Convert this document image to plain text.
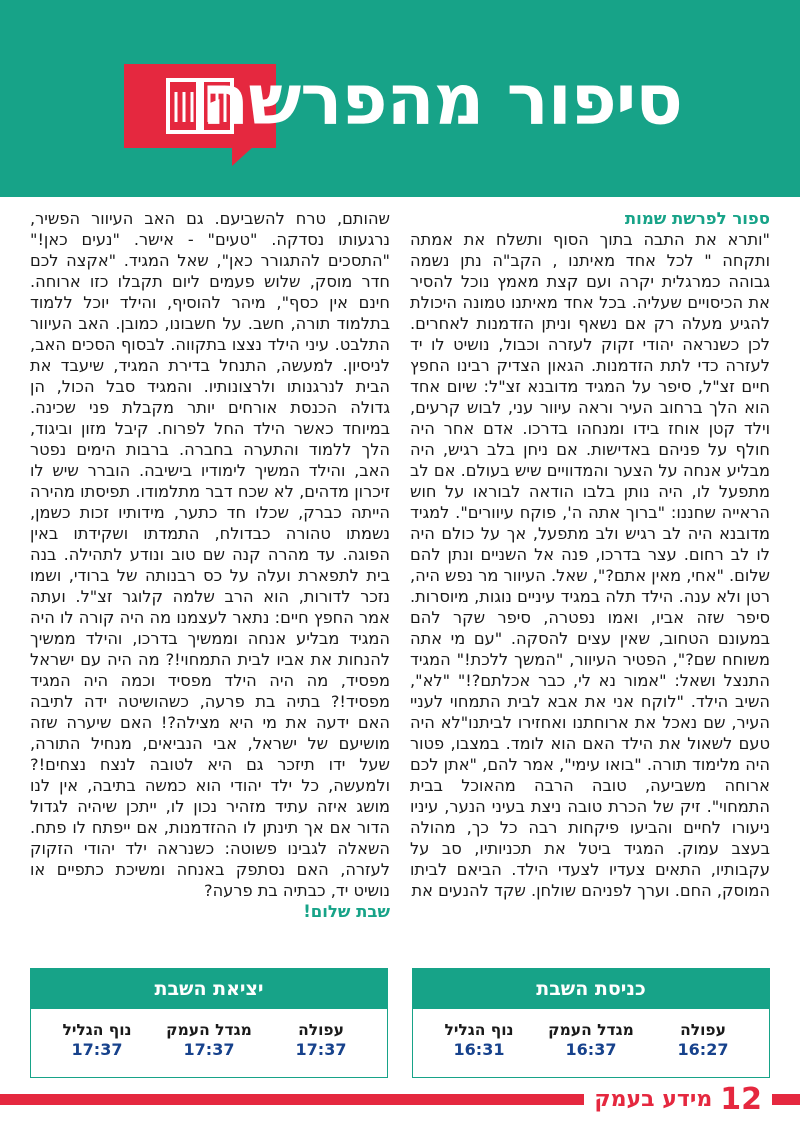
סיפור מהפרשה
ספור לפרשת שמות
"ותרא את התבה בתוך הסוף ותשלח את אמתה ותקחה " לכל אחד מאיתנו , הקב"ה נתן נשמה גבוהה כמרגלית יקרה ועם קצת מאמץ נוכל להסיר את הכיסויים שעליה. בכל אחד מאיתנו טמונה היכולת להגיע מעלה רק אם נשאף וניתן הזדמנות לאחרים. לכן כשנראה יהודי זקוק לעזרה וכבול, נושיט לו יד לעזרה כדי לתת הזדמנות. הגאון הצדיק רבינו החפץ חיים זצ"ל, סיפר על המגיד מדובנא זצ"ל: שיום אחד הוא הלך ברחוב העיר וראה עיוור עני, לבוש קרעים, וילד קטן אוחז בידו ומנחהו בדרכו. אדם אחר היה חולף על פניהם באדישות. אם ניחן בלב רגיש, היה מבליע אנחה על הצער והמדוויים שיש בעולם. אם לב מתפעל לו, היה נותן בלבו הודאה לבוראו על חוש הראייה שחננו: "ברוך אתה ה', פוקח עיוורים". למגיד מדובנא היה לב רגיש ולב מתפעל, אך על כולם היה לו לב רחום. עצר בדרכו, פנה אל השניים ונתן להם שלום. "אחי, מאין אתם?", שאל. העיוור מר נפש היה, רטן ולא ענה. הילד תלה במגיד עיניים נוגות, מיוסרות. סיפר שזה אביו, ואמו נפטרה, סיפר שקר להם במעונם הטחוב, שאין עצים להסקה. "עם מי אתה משוחח שם?", הפטיר העיוור, "המשך ללכת!" המגיד התנצל ושאל: "אמור נא לי, כבר אכלתם?!" "לא", השיב הילד. "לוקח אני את אבא לבית התמחוי לעניי העיר, שם נאכל את ארוחתנו ואחזירו לביתנו"לא היה טעם לשאול את הילד האם הוא לומד. במצבו, פטור היה מלימוד תורה. "בואו עימי", אמר להם, "אתן לכם ארוחה משביעה, טובה הרבה מהאוכל בבית התמחוי". זיק של הכרת טובה ניצת בעיני הנער, עיניו ניעורו לחיים והביעו פיקחות רבה כל כך, מהולה בעצב עמוק. המגיד ביטל את תכניותיו, סב על עקבותיו, התאים צעדיו לצעדי הילד. הביאם לביתו המוסק, החם. וערך לפניהם שולחן. שקד להנעים את
שהותם, טרח להשביעם. גם האב העיוור הפשיר, נרגעותו נסדקה. "טעים" - אישר. "נעים כאן!" "התסכים להתגורר כאן", שאל המגיד. "אקצה לכם חדר מוסק, שלוש פעמים ליום תקבלו כזו ארוחה. חינם אין כסף", מיהר להוסיף, והילד יוכל ללמוד בתלמוד תורה, חשב. על חשבונו, כמובן. האב העיוור התלבט. עיני הילד נצצו בתקווה. לבסוף הסכים האב, לניסיון. למעשה, התנחל בדירת המגיד, שיעבד את הבית לנרגנותו ולרצונותיו. והמגיד סבל הכול, הן גדולה הכנסת אורחים יותר מקבלת פני שכינה. במיוחד כאשר הילד החל לפרוח. קיבל מזון וביגוד, הלך ללמוד והתערה בחברה. ברבות הימים נפטר האב, והילד המשיך לימודיו בישיבה. הוברר שיש לו זיכרון מדהים, לא שכח דבר מתלמודו. תפיסתו מהירה הייתה כברק, שכלו חד כתער, מידותיו זכות כשמן, נשמתו טהורה כבדולח, התמדתו ושקידתו באין הפוגה. עד מהרה קנה שם טוב ונודע לתהילה. בנה בית לתפארת ועלה על כס רבנותה של ברודי, ושמו נזכר לדורות, הוא הרב שלמה קלוגר זצ"ל. ועתה אמר החפץ חיים: נתאר לעצמנו מה היה קורה לו היה המגיד מבליע אנחה וממשיך בדרכו, והילד ממשיך להנחות את אביו לבית התמחוי!? מה היה עם ישראל מפסיד, מה היה הילד מפסיד וכמה היה המגיד מפסיד!? בתיה בת פרעה, כשהושיטה ידה לתיבה האם ידעה את מי היא מצילה?! האם שיערה שזה מושיעם של ישראל, אבי הנביאים, מנחיל התורה, שעל ידו תיזכר גם היא לטובה לנצח נצחים!? ולמעשה, כל ילד יהודי הוא כמשה בתיבה, אין לנו מושג איזה עתיד מזהיר נכון לו, ייתכן שיהיה לגדול הדור אם אך תינתן לו ההזדמנות, אם ייפתח לו פתח. השאלה לגבינו פשוטה: כשנראה ילד יהודי הזקוק לעזרה, האם נסתפק באנחה ומשיכת כתפיים או נושיט יד, כבתיה בת פרעה?
שבת שלום!
כניסת השבת
עפולה
16:27
מגדל העמק
16:37
נוף הגליל
16:31
יציאת השבת
עפולה
17:37
מגדל העמק
17:37
נוף הגליל
17:37
12
מידע בעמק
